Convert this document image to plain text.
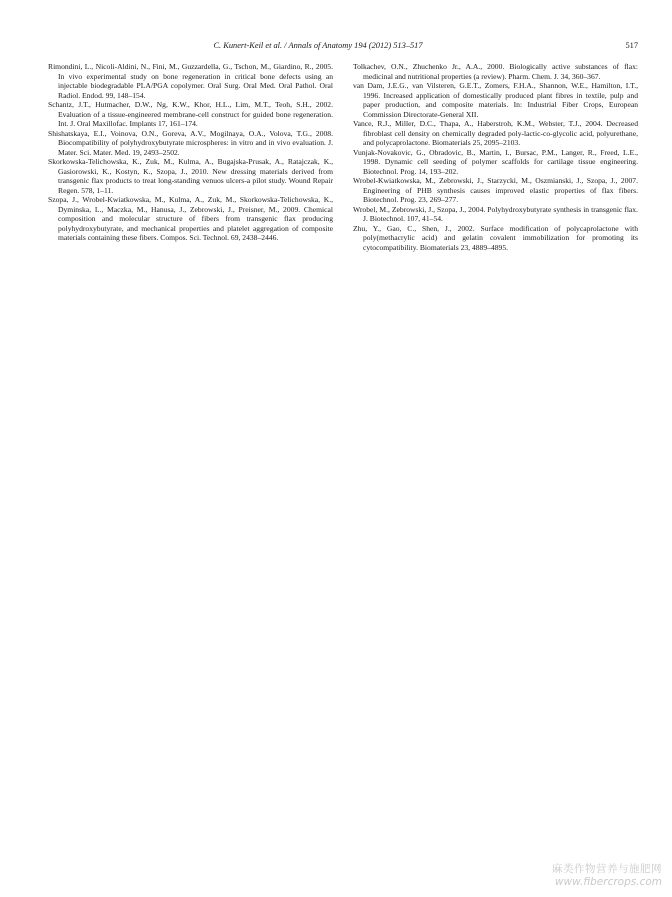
C. Kunert-Keil et al. / Annals of Anatomy 194 (2012) 513–517	517

Rimondini, L., Nicoli-Aldini, N., Fini, M., Guzzardella, G., Tschon, M., Giardino, R., 2005. In vivo experimental study on bone regeneration in critical bone defects using an injectable biodegradable PLA/PGA copolymer. Oral Surg. Oral Med. Oral Pathol. Oral Radiol. Endod. 99, 148–154.

Schantz, J.T., Hutmacher, D.W., Ng, K.W., Khor, H.L., Lim, M.T., Teoh, S.H., 2002. Evaluation of a tissue-engineered membrane-cell construct for guided bone regeneration. Int. J. Oral Maxillofac. Implants 17, 161–174.

Shishatskaya, E.I., Voinova, O.N., Goreva, A.V., Mogilnaya, O.A., Volova, T.G., 2008. Biocompatibility of polyhydroxybutyrate microspheres: in vitro and in vivo evaluation. J. Mater. Sci. Mater. Med. 19, 2493–2502.

Skorkowska-Telichowska, K., Zuk, M., Kulma, A., Bugajska-Prusak, A., Ratajczak, K., Gasiorowski, K., Kostyn, K., Szopa, J., 2010. New dressing materials derived from transgenic flax products to treat long-standing venuos ulcers-a pilot study. Wound Repair Regen. 578, 1–11.

Szopa, J., Wrobel-Kwiatkowska, M., Kulma, A., Zuk, M., Skorkowska-Telichowska, K., Dyminska, L., Maczka, M., Hanusa, J., Zebrowski, J., Preisner, M., 2009. Chemical composition and molecular structure of fibers from transgenic flax producing polyhydroxybutyrate, and mechanical properties and platelet aggregation of composite materials containing these fibers. Compos. Sci. Technol. 69, 2438–2446.

Tolkachev, O.N., Zhuchenko Jr., A.A., 2000. Biologically active substances of flax: medicinal and nutritional properties (a review). Pharm. Chem. J. 34, 360–367.

van Dam, J.E.G., van Vilsteren, G.E.T., Zomers, F.H.A., Shannon, W.E., Hamilton, I.T., 1996. Increased application of domestically produced plant fibres in textile, pulp and paper production, and composite materials. In: Industrial Fiber Crops, European Commission Directorate-General XII.

Vance, R.J., Miller, D.C., Thapa, A., Haberstroh, K.M., Webster, T.J., 2004. Decreased fibroblast cell density on chemically degraded poly-lactic-co-glycolic acid, polyurethane, and polycaprolactone. Biomaterials 25, 2095–2103.

Vunjak-Novakovic, G., Obradovic, B., Martin, I., Bursac, P.M., Langer, R., Freed, L.E., 1998. Dynamic cell seeding of polymer scaffolds for cartilage tissue engineering. Biotechnol. Prog. 14, 193–202.

Wrobel-Kwiatkowska, M., Zebrowski, J., Starzycki, M., Oszmianski, J., Szopa, J., 2007. Engineering of PHB synthesis causes improved elastic properties of flax fibers. Biotechnol. Prog. 23, 269–277.

Wrobel, M., Zebrowski, J., Szopa, J., 2004. Polyhydroxybutyrate synthesis in transgenic flax. J. Biotechnol. 107, 41–54.

Zhu, Y., Gao, C., Shen, J., 2002. Surface modification of polycaprolactone with poly(methacrylic acid) and gelatin covalent immobilization for promoting its cytocompatibility. Biomaterials 23, 4889–4895.

麻类作物营养与施肥网
www.fibercrops.com
